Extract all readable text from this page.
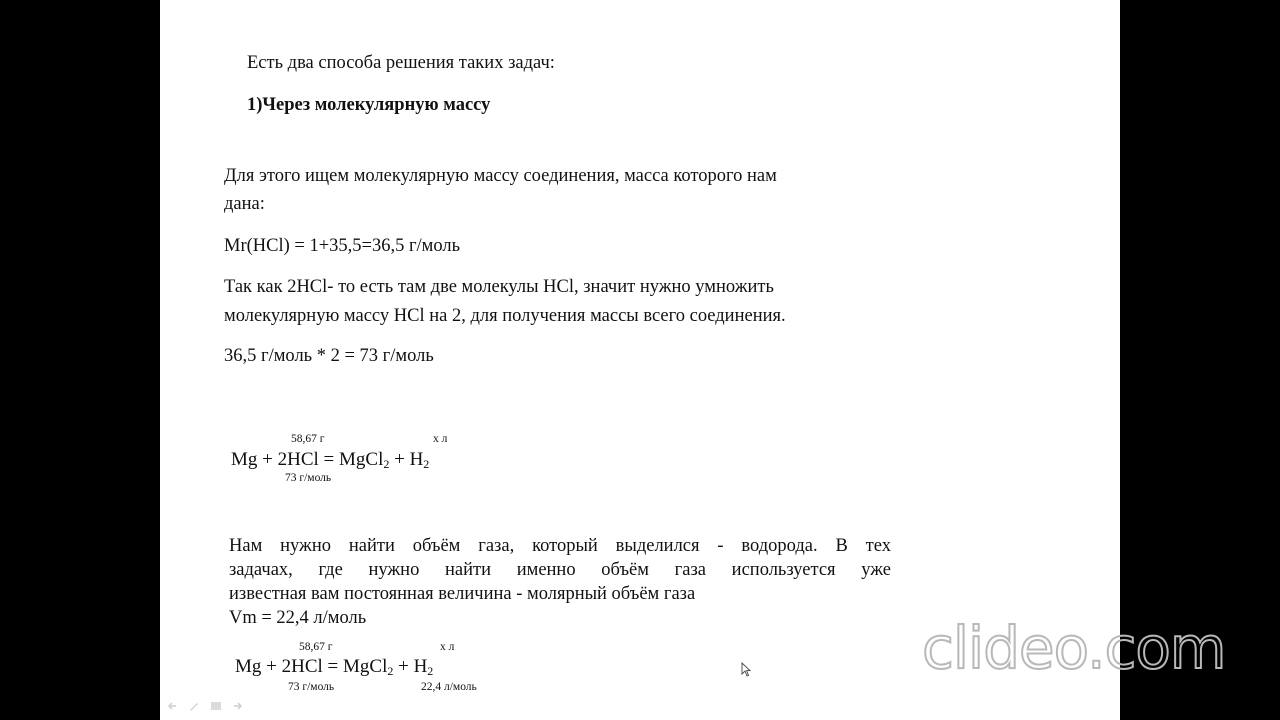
Есть два способа решения таких задач:
1)Через молекулярную массу
Для этого ищем молекулярную массу соединения, масса которого нам
дана:
Mr(HCl) = 1+35,5=36,5 г/моль
Так как 2HCl- то есть там две молекулы HCl, значит нужно умножить
молекулярную массу HCl на 2, для получения массы всего соединения.
36,5 г/моль * 2 = 73 г/моль
58,67 г	х л
Mg + 2HCl = MgCl$_2$ + $H_2$
73 г/моль
Нам нужно найти объём газа, который выделился - водорода. В тех
задачах, где нужно найти именно объём газа используется уже
известная вам постоянная величина - молярный объём газа
Vm = 22,4 л/моль
58,67 г	х л
Mg + 2HCl = MgCl$_2$ + $H_2$
73 г/моль	22,4 л/моль
clideo.com
